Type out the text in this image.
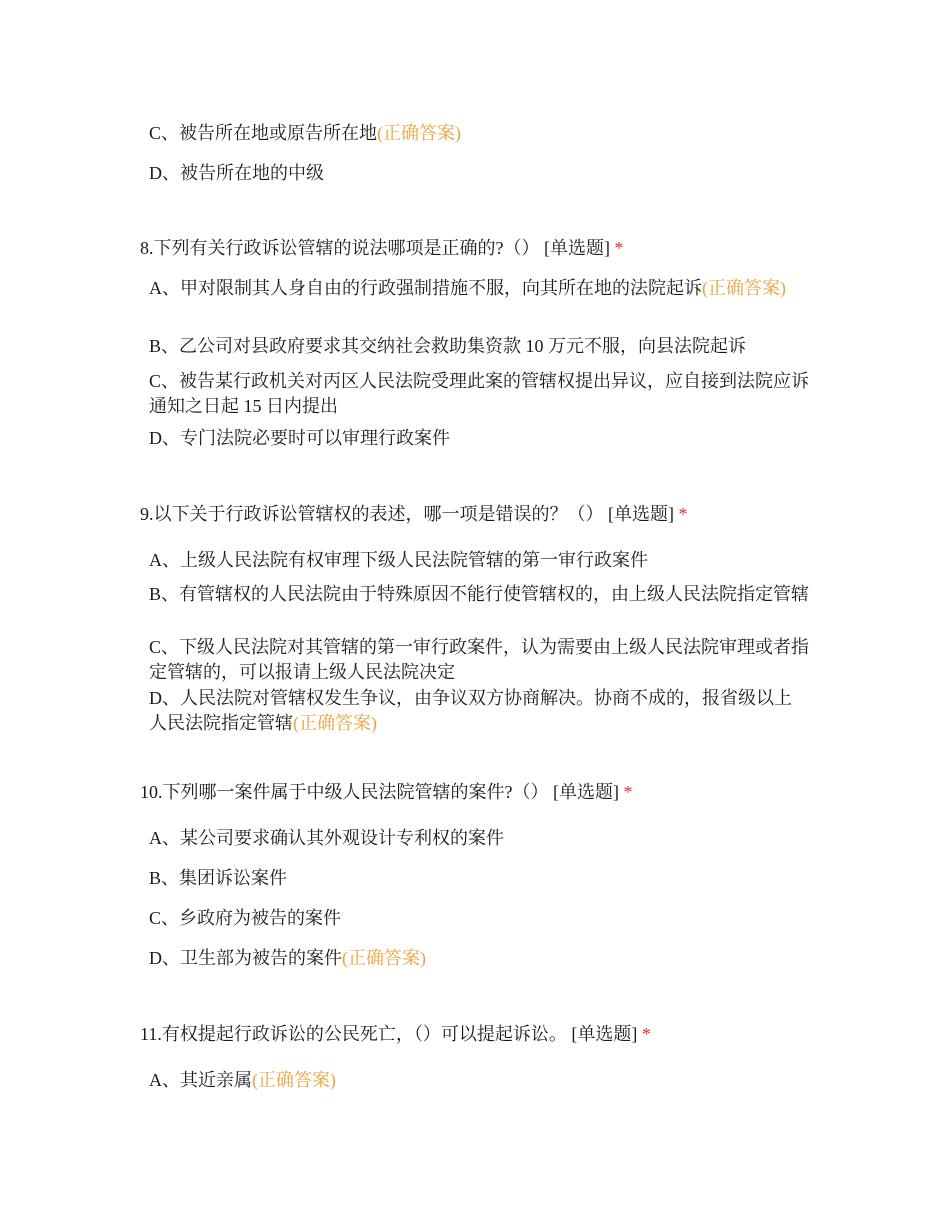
C、被告所在地或原告所在地(正确答案)
D、被告所在地的中级
8.下列有关行政诉讼管辖的说法哪项是正确的?（） [单选题] *
A、甲对限制其人身自由的行政强制措施不服，向其所在地的法院起诉(正确答案)
B、乙公司对县政府要求其交纳社会救助集资款 10 万元不服，向县法院起诉
C、被告某行政机关对丙区人民法院受理此案的管辖权提出异议，应自接到法院应诉通知之日起 15 日内提出
D、专门法院必要时可以审理行政案件
9.以下关于行政诉讼管辖权的表述，哪一项是错误的？（） [单选题] *
A、上级人民法院有权审理下级人民法院管辖的第一审行政案件
B、有管辖权的人民法院由于特殊原因不能行使管辖权的，由上级人民法院指定管辖
C、下级人民法院对其管辖的第一审行政案件，认为需要由上级人民法院审理或者指定管辖的，可以报请上级人民法院决定
D、人民法院对管辖权发生争议，由争议双方协商解决。协商不成的，报省级以上人民法院指定管辖(正确答案)
10.下列哪一案件属于中级人民法院管辖的案件?（） [单选题] *
A、某公司要求确认其外观设计专利权的案件
B、集团诉讼案件
C、乡政府为被告的案件
D、卫生部为被告的案件(正确答案)
11.有权提起行政诉讼的公民死亡，（）可以提起诉讼。 [单选题] *
A、其近亲属(正确答案)
